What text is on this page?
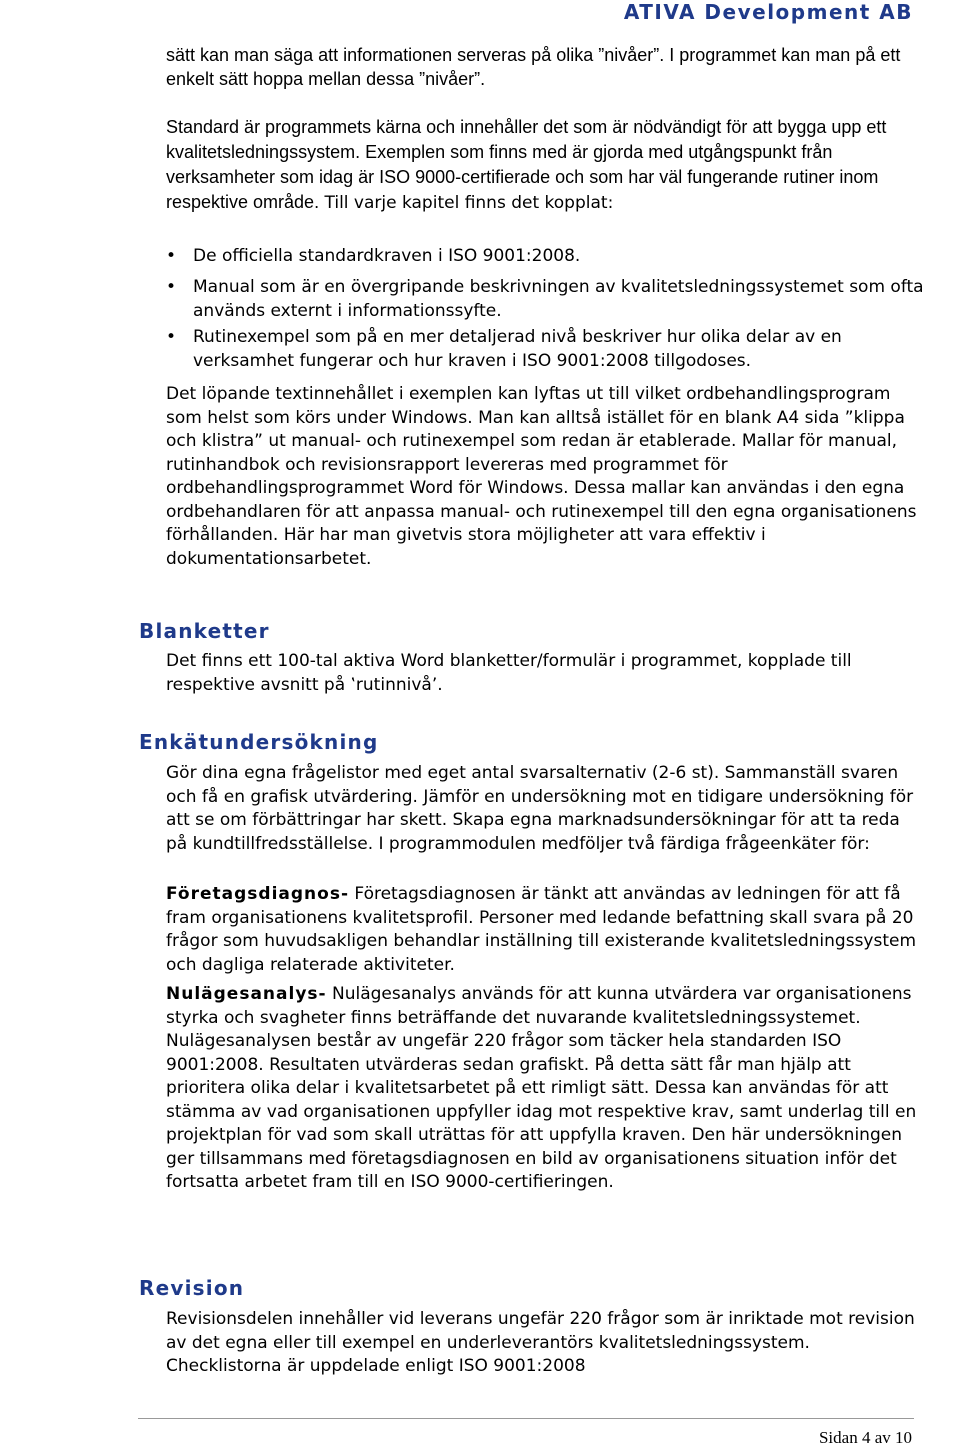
ATIVA Development AB

sätt kan man säga att informationen serveras på olika ”nivåer”. I programmet kan man på ett enkelt sätt hoppa mellan dessa ”nivåer”.

Standard är programmets kärna och innehåller det som är nödvändigt för att bygga upp ett kvalitetsledningssystem. Exemplen som finns med är gjorda med utgångspunkt från verksamheter som idag är ISO 9000-certifierade och som har väl fungerande rutiner inom respektive område. Till varje kapitel finns det kopplat:

• De officiella standardkraven i ISO 9001:2008.
• Manual som är en övergripande beskrivningen av kvalitetsledningssystemet som ofta används externt i informationssyfte.
• Rutinexempel som på en mer detaljerad nivå beskriver hur olika delar av en verksamhet fungerar och hur kraven i ISO 9001:2008 tillgodoses.

Det löpande textinnehållet i exemplen kan lyftas ut till vilket ordbehandlingsprogram som helst som körs under Windows. Man kan alltså istället för en blank A4 sida ”klippa och klistra” ut manual- och rutinexempel som redan är etablerade. Mallar för manual, rutinhandbok och revisionsrapport levereras med programmet för ordbehandlingsprogrammet Word för Windows. Dessa mallar kan användas i den egna ordbehandlaren för att anpassa manual- och rutinexempel till den egna organisationens förhållanden. Här har man givetvis stora möjligheter att vara effektiv i dokumentationsarbetet.

Blanketter

Det finns ett 100-tal aktiva Word blanketter/formulär i programmet, kopplade till respektive avsnitt på ‛rutinnivå’.

Enkätundersökning

Gör dina egna frågelistor med eget antal svarsalternativ (2-6 st). Sammanställ svaren och få en grafisk utvärdering. Jämför en undersökning mot en tidigare undersökning för att se om förbättringar har skett. Skapa egna marknadsundersökningar för att ta reda på kundtillfredsställelse. I programmodulen medföljer två färdiga frågeenkäter för:

Företagsdiagnos- Företagsdiagnosen är tänkt att användas av ledningen för att få fram organisationens kvalitetsprofil. Personer med ledande befattning skall svara på 20 frågor som huvudsakligen behandlar inställning till existerande kvalitetsledningssystem och dagliga relaterade aktiviteter.

Nulägesanalys- Nulägesanalys används för att kunna utvärdera var organisationens styrka och svagheter finns beträffande det nuvarande kvalitetsledningssystemet. Nulägesanalysen består av ungefär 220 frågor som täcker hela standarden ISO 9001:2008. Resultaten utvärderas sedan grafiskt. På detta sätt får man hjälp att prioritera olika delar i kvalitetsarbetet på ett rimligt sätt. Dessa kan användas för att stämma av vad organisationen uppfyller idag mot respektive krav, samt underlag till en projektplan för vad som skall uträttas för att uppfylla kraven. Den här undersökningen ger tillsammans med företagsdiagnosen en bild av organisationens situation inför det fortsatta arbetet fram till en ISO 9000-certifieringen.

Revision

Revisionsdelen innehåller vid leverans ungefär 220 frågor som är inriktade mot revision av det egna eller till exempel en underleverantörs kvalitetsledningssystem. Checklistorna är uppdelade enligt ISO 9001:2008

Sidan 4 av 10
